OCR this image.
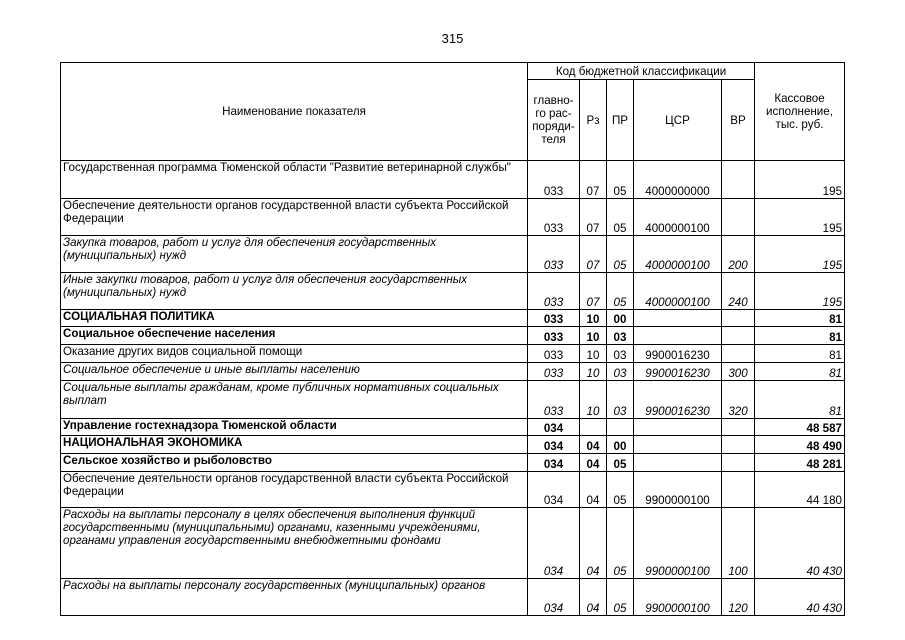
315
Наименование показателя	Код бюджетной классификации					Кассовое
исполнение,
тыс. руб.

	главно-
го рас-
поряди-
теля	Рз	ПР	ЦСР	ВР	
Государственная программа Тюменской области "Развитие ветеринарной службы"	033	07	05	4000000000		195
Обеспечение деятельности органов государственной власти субъекта Российской Федерации	033	07	05	4000000100		195
Закупка товаров, работ и услуг для обеспечения государственных (муниципальных) нужд	033	07	05	4000000100	200	195
Иные закупки товаров, работ и услуг для обеспечения государственных (муниципальных) нужд	033	07	05	4000000100	240	195
СОЦИАЛЬНАЯ ПОЛИТИКА	033	10	00			81
Социальное обеспечение населения	033	10	03			81
Оказание других видов социальной помощи	033	10	03	9900016230		81
Социальное обеспечение и иные выплаты населению	033	10	03	9900016230	300	81
Социальные выплаты гражданам, кроме публичных нормативных социальных выплат	033	10	03	9900016230	320	81
Управление гостехнадзора Тюменской области	034					48 587
НАЦИОНАЛЬНАЯ ЭКОНОМИКА	034	04	00			48 490
Сельское хозяйство и рыболовство	034	04	05			48 281
Обеспечение деятельности органов государственной власти субъекта Российской Федерации	034	04	05	9900000100		44 180
Расходы на выплаты персоналу в целях обеспечения выполнения функций государственными (муниципальными) органами, казенными учреждениями, органами управления государственными внебюджетными фондами	034	04	05	9900000100	100	40 430
Расходы на выплаты персоналу государственных (муниципальных) органов	034	04	05	9900000100	120	40 430
